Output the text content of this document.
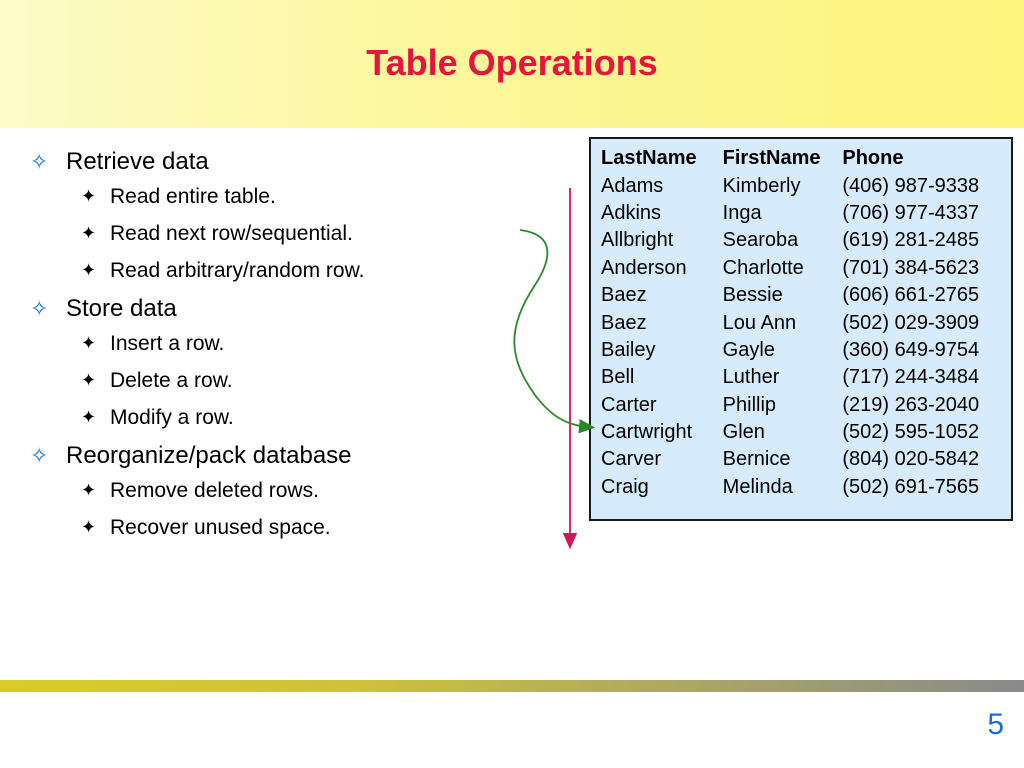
Table Operations
✧ Retrieve data
✦ Read entire table.
✦ Read next row/sequential.
✦ Read arbitrary/random row.
✧ Store data
✦ Insert a row.
✦ Delete a row.
✦ Modify a row.
✧ Reorganize/pack database
✦ Remove deleted rows.
✦ Recover unused space.
LastName	FirstName	Phone
Adams	Kimberly	(406) 987-9338
Adkins	Inga	(706) 977-4337
Allbright	Searoba	(619) 281-2485
Anderson	Charlotte	(701) 384-5623
Baez	Bessie	(606) 661-2765
Baez	Lou Ann	(502) 029-3909
Bailey	Gayle	(360) 649-9754
Bell	Luther	(717) 244-3484
Carter	Phillip	(219) 263-2040
Cartwright	Glen	(502) 595-1052
Carver	Bernice	(804) 020-5842
Craig	Melinda	(502) 691-7565
5
